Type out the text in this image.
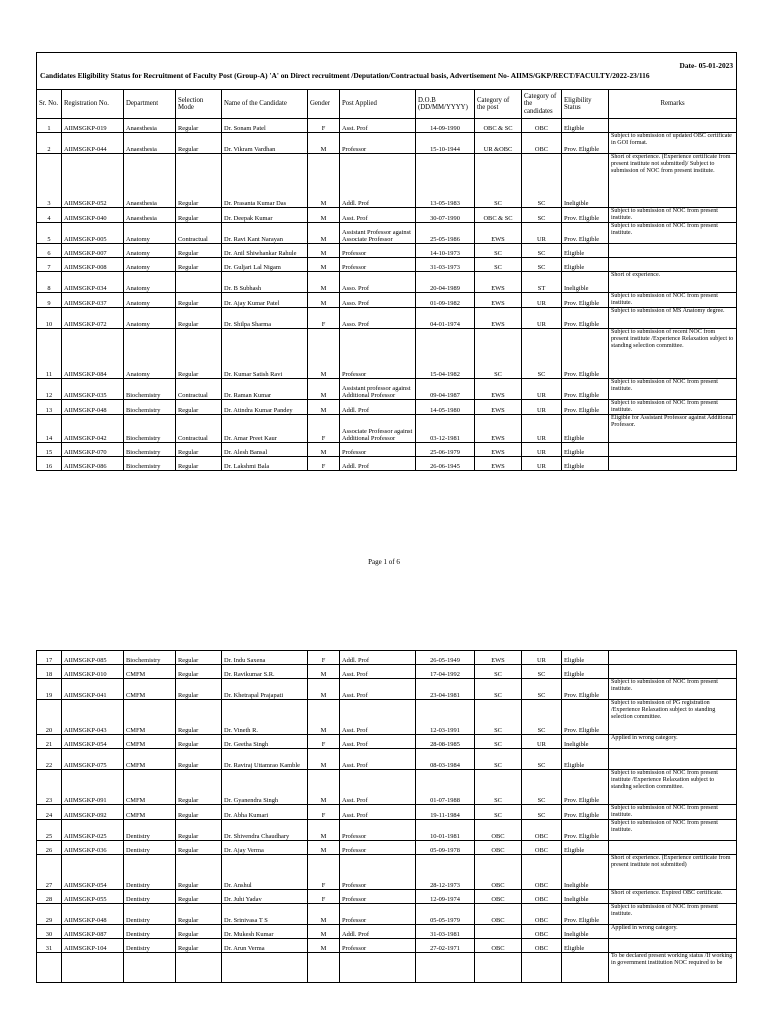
Date- 05-01-2023
Candidates Eligibility Status for Recruitment of Faculty Post (Group-A) 'A' on Direct recruitment /Deputation/Contractual basis, Advertisement No- AIIMS/GKP/RECT/FACULTY/2022-23/116											
Sr. No.	Registration No.	Department	Selection Mode	Name of the Candidate	Gender	Post Applied	D.O.B (DD/MM/YYYY)	Category of the post	Category of the candidates	Eligibility Status	Remarks
1	AIIMSGKP-019	Anaesthesia	Regular	Dr. Sonam Patel	F	Asst. Prof	14-09-1990	OBC & SC	OBC	Eligible	
2	AIIMSGKP-044	Anaesthesia	Regular	Dr. Vikram Vardhan	M	Professor	15-10-1944	UR &OBC	OBC	Prov. Eligible	Subject to submission of updated OBC certificate in GOI format.
3	AIIMSGKP-052	Anaesthesia	Regular	Dr. Prasanta Kumar Das	M	Addl. Prof	13-05-1983	SC	SC	Ineligible	Short of experience. (Experience certificate from present institute not submitted)/ Subject to submission of NOC from present institute.
4	AIIMSGKP-040	Anaesthesia	Regular	Dr. Deepak Kumar	M	Asst. Prof	30-07-1990	OBC & SC	SC	Prov. Eligible	Subject to submission of NOC from present institute.
5	AIIMSGKP-005	Anatomy	Contractual	Dr. Ravi Kant Narayan	M	Assistant Professor against Associate Professor	25-05-1986	EWS	UR	Prov. Eligible	Subject to submission of NOC from present institute.
6	AIIMSGKP-007	Anatomy	Regular	Dr. Anil Shiwhankar Rahule	M	Professor	14-10-1973	SC	SC	Eligible	
7	AIIMSGKP-008	Anatomy	Regular	Dr. Guljari Lal Nigam	M	Professor	31-03-1973	SC	SC	Eligible	
8	AIIMSGKP-034	Anatomy		Dr. B Subhash	M	Asso. Prof	20-04-1989	EWS	ST	Ineligible	Short of experience.
9	AIIMSGKP-037	Anatomy	Regular	Dr. Ajay Kumar Patel	M	Asso. Prof	01-09-1982	EWS	UR	Prov. Eligible	Subject to submission of NOC from present institute.
10	AIIMSGKP-072	Anatomy	Regular	Dr. Shilpa Sharma	F	Asso. Prof	04-01-1974	EWS	UR	Prov. Eligible	Subject to submission of MS Anatomy degree.
11	AIIMSGKP-084	Anatomy	Regular	Dr. Kumar Satish Ravi	M	Professor	15-04-1982	SC	SC	Prov. Eligible	Subject to submission of recent NOC from present institute /Experience Relaxation subject to standing selection committee.
12	AIIMSGKP-035	Biochemistry	Contractual	Dr. Raman Kumar	M	Assistant professor against Additional Professor	09-04-1987	EWS	UR	Prov. Eligible	Subject to submission of NOC from present institute.
13	AIIMSGKP-048	Biochemistry	Regular	Dr. Atindra Kumar Pandey	M	Addl. Prof	14-05-1980	EWS	UR	Prov. Eligible	Subject to submission of NOC from present institute.
14	AIIMSGKP-042	Biochemistry	Contractual	Dr. Amar Preet Kaur	F	Associate Professor against Additional Professor	03-12-1981	EWS	UR	Eligible	Eligible for Assistant Professor against Additional Professor.
15	AIIMSGKP-070	Biochemistry	Regular	Dr. Alesh Bansal	M	Professor	25-06-1979	EWS	UR	Eligible	
16	AIIMSGKP-086	Biochemistry	Regular	Dr. Lakshmi Bala	F	Addl. Prof	26-06-1945	EWS	UR	Eligible	
Page 1 of 6
17	AIIMSGKP-085	Biochemistry	Regular	Dr. Indu Saxena	F	Addl. Prof	26-05-1949	EWS	UR	Eligible	
18	AIIMSGKP-010	CMFM	Regular	Dr. Ravikumar S.R.	M	Asst. Prof	17-04-1992	SC	SC	Eligible	
19	AIIMSGKP-041	CMFM	Regular	Dr. Khetrapal Prajapati	M	Asst. Prof	23-04-1981	SC	SC	Prov. Eligible	Subject to submission of NOC from present institute.
20	AIIMSGKP-043	CMFM	Regular	Dr. Vineth R.	M	Asst. Prof	12-03-1991	SC	SC	Prov. Eligible	Subject to submission of PG registration /Experience Relaxation subject to standing selection committee.
21	AIIMSGKP-054	CMFM	Regular	Dr. Geetha Singh	F	Asst. Prof	28-08-1985	SC	UR	Ineligible	Applied in wrong category.
22	AIIMSGKP-075	CMFM	Regular	Dr. Raviraj Uttamrao Kamble	M	Asst. Prof	08-03-1984	SC	SC	Eligible	
23	AIIMSGKP-091	CMFM	Regular	Dr. Gyanendra Singh	M	Asst. Prof	01-07-1988	SC	SC	Prov. Eligible	Subject to submission of NOC from present institute /Experience Relaxation subject to standing selection committee.
24	AIIMSGKP-092	CMFM	Regular	Dr. Abha Kumari	F	Asst. Prof	19-11-1984	SC	SC	Prov. Eligible	Subject to submission of NOC from present institute.
25	AIIMSGKP-025	Dentistry	Regular	Dr. Shivendra Chaudhary	M	Professor	10-01-1981	OBC	OBC	Prov. Eligible	Subject to submission of NOC from present institute.
26	AIIMSGKP-036	Dentistry	Regular	Dr. Ajay Verma	M	Professor	05-09-1978	OBC	OBC	Eligible	
27	AIIMSGKP-054	Dentistry	Regular	Dr. Anshul	F	Professor	28-12-1973	OBC	OBC	Ineligible	Short of experience. (Experience certificate from present institute not submitted)
28	AIIMSGKP-055	Dentistry	Regular	Dr. Juhi Yadav	F	Professor	12-09-1974	OBC	OBC	Ineligible	Short of experience. Expired OBC certificate.
29	AIIMSGKP-048	Dentistry	Regular	Dr. Srinivasa T S	M	Professor	05-05-1979	OBC	OBC	Prov. Eligible	Subject to submission of NOC from present institute.
30	AIIMSGKP-087	Dentistry	Regular	Dr. Mukesh Kumar	M	Addl. Prof	31-03-1981		OBC	Ineligible	Applied in wrong category.
31	AIIMSGKP-104	Dentistry	Regular	Dr. Arun Verma	M	Professor	27-02-1971	OBC	OBC	Eligible	
											To be declared present working status /If working in government institution NOC required to be
